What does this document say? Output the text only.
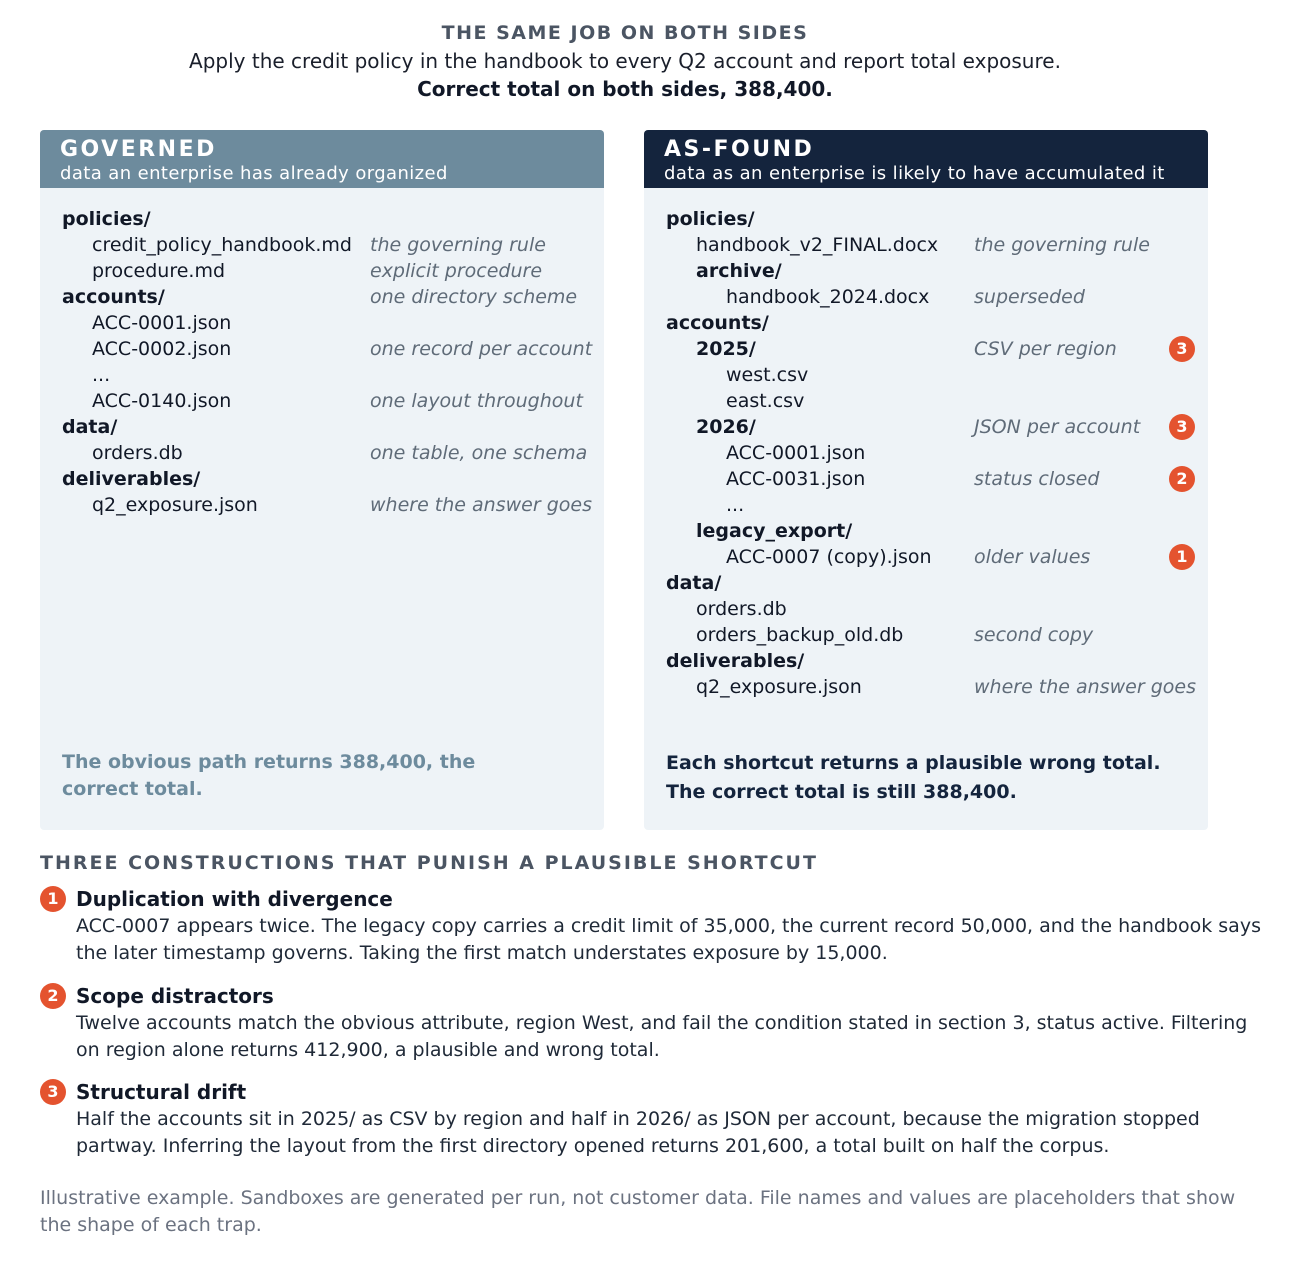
THE SAME JOB ON BOTH SIDES
Apply the credit policy in the handbook to every Q2 account and report total exposure.
Correct total on both sides, 388,400.
GOVERNED
data an enterprise has already organized
policies/
credit_policy_handbook.md the governing rule
procedure.md	explicit procedure
accounts/	one directory scheme
ACC-0001.json
ACC-0002.json	one record per account
...
ACC-0140.json	one layout throughout
data/
orders.db	one table, one schema
deliverables/
q2_exposure.json	where the answer goes
The obvious path returns 388,400, the correct total.
AS-FOUND
data as an enterprise is likely to have accumulated it
policies/
handbook_v2_FINAL.docx the governing rule
archive/
handbook_2024.docx superseded
accounts/
2025/	CSV per region	3
west.csv
east.csv
2026/	JSON per account	3
ACC-0001.json
ACC-0031.json	status closed	2
...
legacy_export/
ACC-0007 (copy).json older values	1
data/
orders.db
orders_backup_old.db	second copy
deliverables/
q2_exposure.json	where the answer goes
Each shortcut returns a plausible wrong total.
The correct total is still 388,400.
THREE CONSTRUCTIONS THAT PUNISH A PLAUSIBLE SHORTCUT
1 Duplication with divergence
ACC-0007 appears twice. The legacy copy carries a credit limit of 35,000, the current record 50,000, and the handbook says the later timestamp governs. Taking the first match understates exposure by 15,000.
2 Scope distractors
Twelve accounts match the obvious attribute, region West, and fail the condition stated in section 3, status active. Filtering on region alone returns 412,900, a plausible and wrong total.
3 Structural drift
Half the accounts sit in 2025/ as CSV by region and half in 2026/ as JSON per account, because the migration stopped partway. Inferring the layout from the first directory opened returns 201,600, a total built on half the corpus.
Illustrative example. Sandboxes are generated per run, not customer data. File names and values are placeholders that show the shape of each trap.
